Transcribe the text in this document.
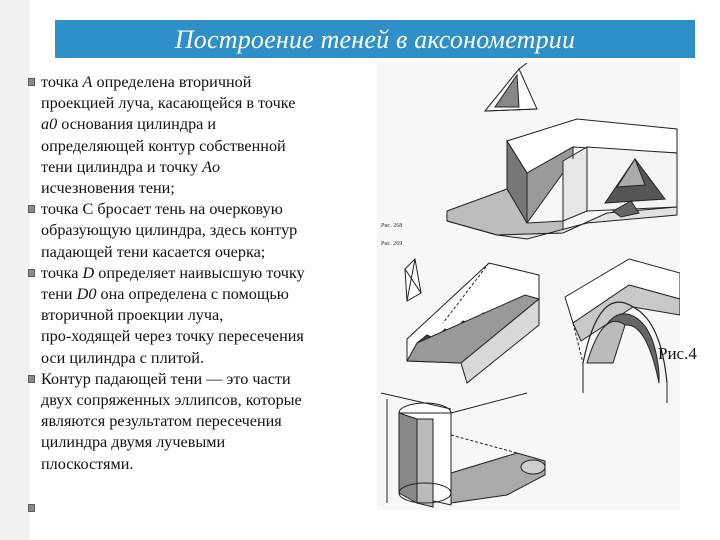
Построение теней в аксонометрии
точка A определена вторичной
проекцией луча, касающейся в точке
a0 основания цилиндра и
определяющей контур собственной
тени цилиндра и точку Ao
исчезновения тени;
точка С бросает тень на очерковую
образующую цилиндра, здесь контур
падающей тени касается очерка;
точка D определяет наивысшую точку
тени D0 она определена с помощью
вторичной проекции луча,
про-ходящей через точку пересечения
оси цилиндра с плитой.
Контур падающей тени — это части
двух сопряженных эллипсов, которые
являются результатом пересечения
цилиндра двумя лучевыми
плоскостями.
Рис. 268
Рис. 269
Рис.4
